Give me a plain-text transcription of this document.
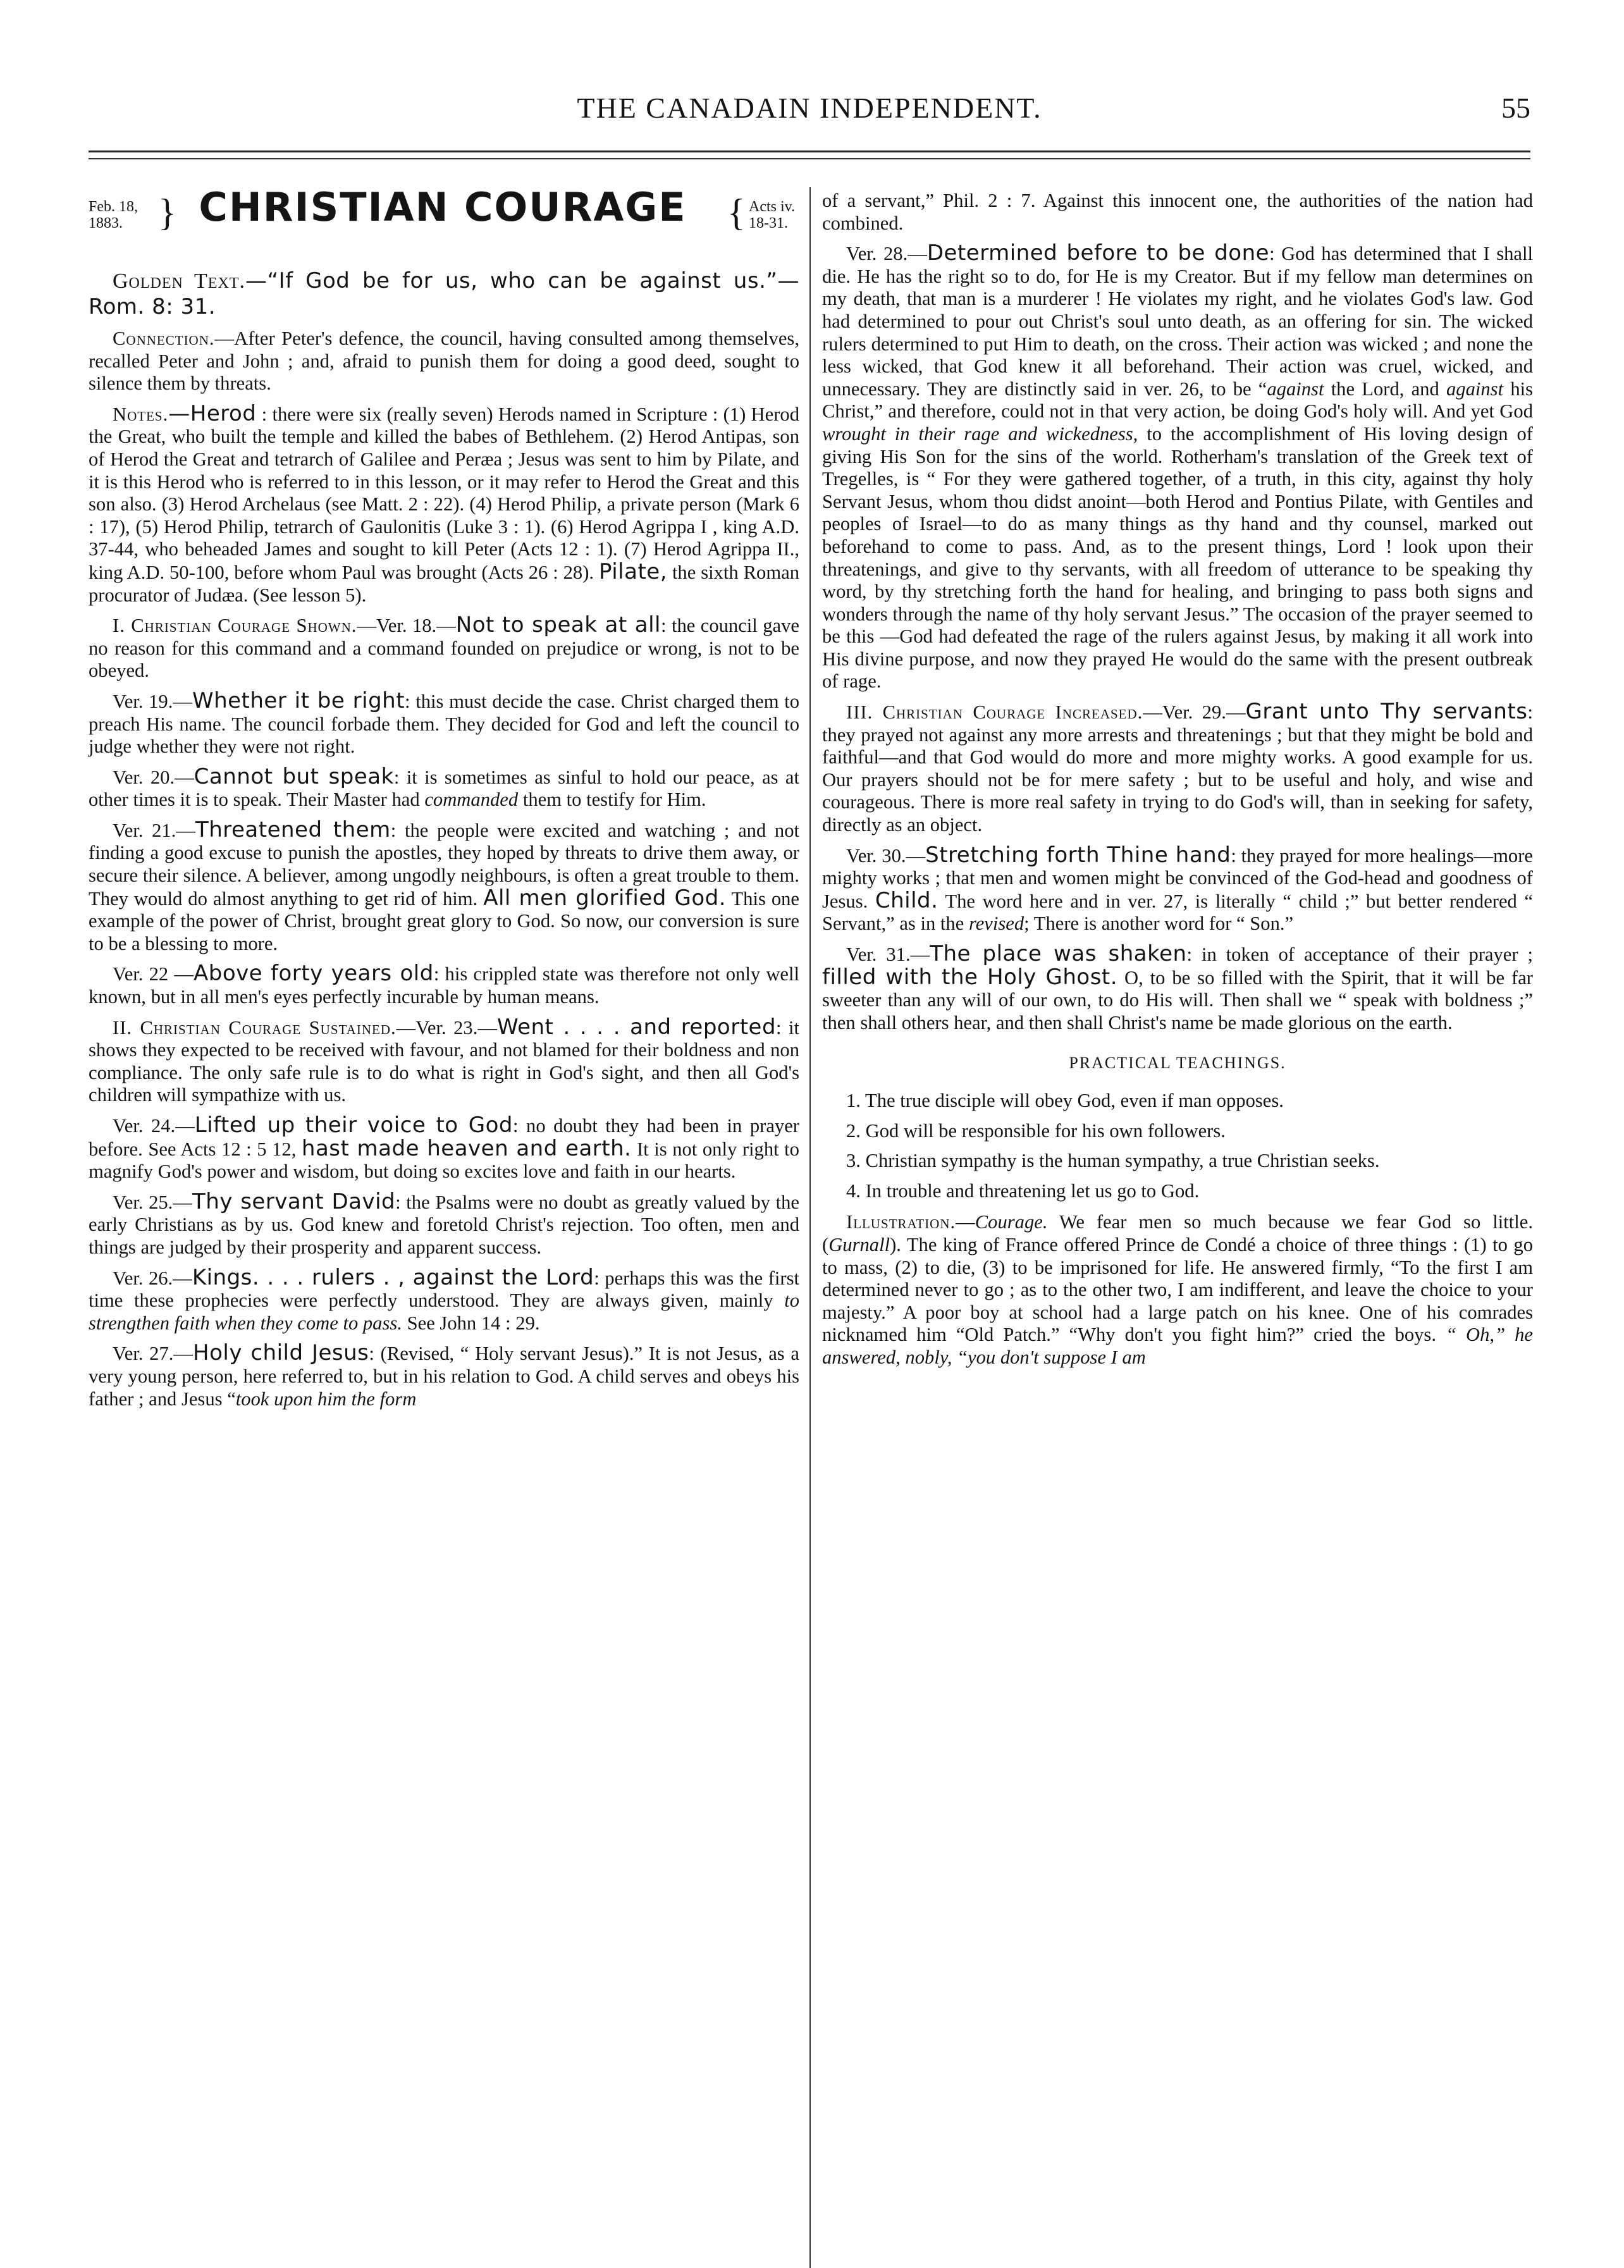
THE CANADAIN INDEPENDENT.	55
Feb. 18,
1883. } CHRISTIAN COURAGE { Acts iv.
18-31.

Golden Text.—“If God be for us, who can be against us.”—Rom. 8: 31.

Connection.—After Peter's defence, the council, having consulted among themselves, recalled Peter and John ; and, afraid to punish them for doing a good deed, sought to silence them by threats.

Notes.—Herod : there were six (really seven) Herods named in Scripture : (1) Herod the Great, who built the temple and killed the babes of Bethlehem. (2) Herod Antipas, son of Herod the Great and tetrarch of Galilee and Peræa ; Jesus was sent to him by Pilate, and it is this Herod who is referred to in this lesson, or it may refer to Herod the Great and this son also. (3) Herod Archelaus (see Matt. 2 : 22). (4) Herod Philip, a private person (Mark 6 : 17), (5) Herod Philip, tetrarch of Gaulonitis (Luke 3 : 1). (6) Herod Agrippa I , king A.D. 37-44, who beheaded James and sought to kill Peter (Acts 12 : 1). (7) Herod Agrippa II., king A.D. 50-100, before whom Paul was brought (Acts 26 : 28). Pilate, the sixth Roman procurator of Judæa. (See lesson 5).

I. Christian Courage Shown.—Ver. 18.—Not to speak at all: the council gave no reason for this command and a command founded on prejudice or wrong, is not to be obeyed.

Ver. 19.—Whether it be right: this must decide the case. Christ charged them to preach His name. The council forbade them. They decided for God and left the council to judge whether they were not right.

Ver. 20.—Cannot but speak: it is sometimes as sinful to hold our peace, as at other times it is to speak. Their Master had commanded them to testify for Him.

Ver. 21.—Threatened them: the people were excited and watching ; and not finding a good excuse to punish the apostles, they hoped by threats to drive them away, or secure their silence. A believer, among ungodly neighbours, is often a great trouble to them. They would do almost anything to get rid of him. All men glorified God. This one example of the power of Christ, brought great glory to God. So now, our conversion is sure to be a blessing to more.

Ver. 22 —Above forty years old: his crippled state was therefore not only well known, but in all men's eyes perfectly incurable by human means.

II. Christian Courage Sustained.—Ver. 23.—Went . . . . and reported: it shows they expected to be received with favour, and not blamed for their boldness and non compliance. The only safe rule is to do what is right in God's sight, and then all God's children will sympathize with us.

Ver. 24.—Lifted up their voice to God: no doubt they had been in prayer before. See Acts 12 : 5 12, hast made heaven and earth. It is not only right to magnify God's power and wisdom, but doing so excites love and faith in our hearts.

Ver. 25.—Thy servant David: the Psalms were no doubt as greatly valued by the early Christians as by us. God knew and foretold Christ's rejection. Too often, men and things are judged by their prosperity and apparent success.

Ver. 26.—Kings. . . . rulers . , against the Lord: perhaps this was the first time these prophecies were perfectly understood. They are always given, mainly to strengthen faith when they come to pass. See John 14 : 29.

Ver. 27.—Holy child Jesus: (Revised, “ Holy servant Jesus).” It is not Jesus, as a very young person, here referred to, but in his relation to God. A child serves and obeys his father ; and Jesus “took upon him the form

of a servant,” Phil. 2 : 7. Against this innocent one, the authorities of the nation had combined.

Ver. 28.—Determined before to be done: God has determined that I shall die. He has the right so to do, for He is my Creator. But if my fellow man determines on my death, that man is a murderer ! He violates my right, and he violates God's law. God had determined to pour out Christ's soul unto death, as an offering for sin. The wicked rulers determined to put Him to death, on the cross. Their action was wicked ; and none the less wicked, that God knew it all beforehand. Their action was cruel, wicked, and unnecessary. They are distinctly said in ver. 26, to be “against the Lord, and against his Christ,” and therefore, could not in that very action, be doing God's holy will. And yet God wrought in their rage and wickedness, to the accomplishment of His loving design of giving His Son for the sins of the world. Rotherham's translation of the Greek text of Tregelles, is “ For they were gathered together, of a truth, in this city, against thy holy Servant Jesus, whom thou didst anoint—both Herod and Pontius Pilate, with Gentiles and peoples of Israel—to do as many things as thy hand and thy counsel, marked out beforehand to come to pass. And, as to the present things, Lord ! look upon their threatenings, and give to thy servants, with all freedom of utterance to be speaking thy word, by thy stretching forth the hand for healing, and bringing to pass both signs and wonders through the name of thy holy servant Jesus.” The occasion of the prayer seemed to be this —God had defeated the rage of the rulers against Jesus, by making it all work into His divine purpose, and now they prayed He would do the same with the present outbreak of rage.

III. Christian Courage Increased.—Ver. 29.—Grant unto Thy servants: they prayed not against any more arrests and threatenings ; but that they might be bold and faithful—and that God would do more and more mighty works. A good example for us. Our prayers should not be for mere safety ; but to be useful and holy, and wise and courageous. There is more real safety in trying to do God's will, than in seeking for safety, directly as an object.

Ver. 30.—Stretching forth Thine hand: they prayed for more healings—more mighty works ; that men and women might be convinced of the God-head and goodness of Jesus. Child. The word here and in ver. 27, is literally “ child ;” but better rendered “ Servant,” as in the revised; There is another word for “ Son.”

Ver. 31.—The place was shaken: in token of acceptance of their prayer ; filled with the Holy Ghost. O, to be so filled with the Spirit, that it will be far sweeter than any will of our own, to do His will. Then shall we “ speak with boldness ;” then shall others hear, and then shall Christ's name be made glorious on the earth.

PRACTICAL TEACHINGS.
1. The true disciple will obey God, even if man opposes.
2. God will be responsible for his own followers.
3. Christian sympathy is the human sympathy, a true Christian seeks.
4. In trouble and threatening let us go to God.

Illustration.—Courage. We fear men so much because we fear God so little. (Gurnall). The king of France offered Prince de Condé a choice of three things : (1) to go to mass, (2) to die, (3) to be imprisoned for life. He answered firmly, “To the first I am determined never to go ; as to the other two, I am indifferent, and leave the choice to your majesty.” A poor boy at school had a large patch on his knee. One of his comrades nicknamed him “Old Patch.” “Why don't you fight him?” cried the boys. “ Oh,” he answered, nobly, “you don't suppose I am
